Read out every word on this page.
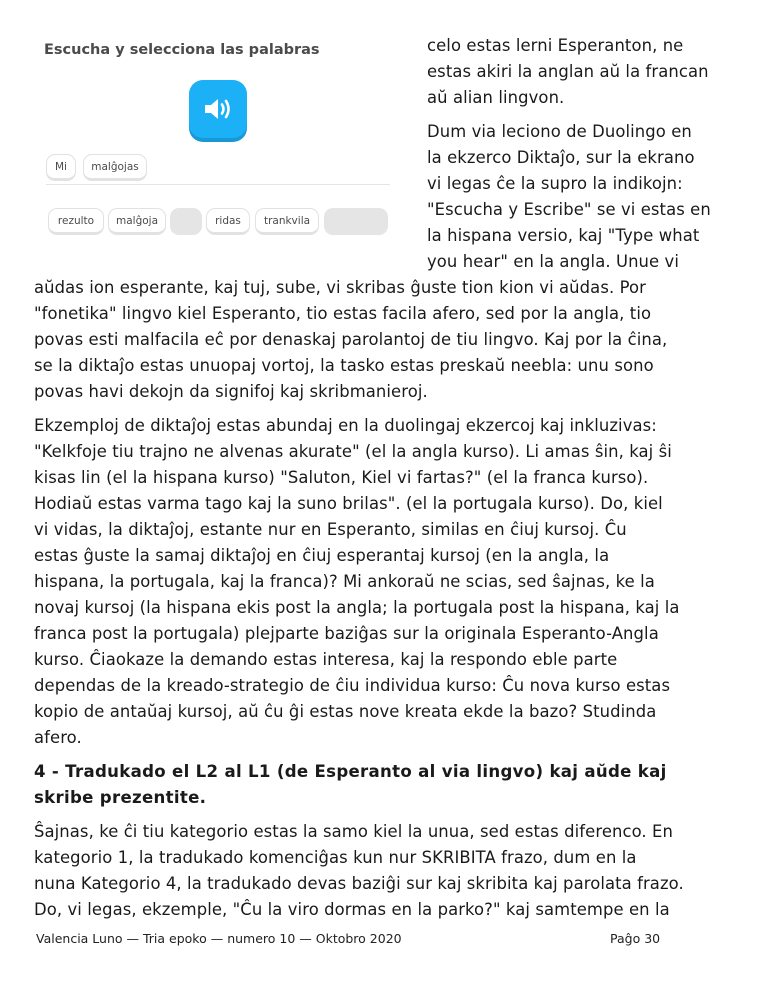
Escucha y selecciona las palabras
Mi	malĝojas
rezulto	malĝoja	ridas	trankvila
celo estas lerni Esperanton, ne
estas akiri la anglan aŭ la francan
aŭ alian lingvon.
Dum via leciono de Duolingo en
la ekzerco Diktaĵo, sur la ekrano
vi legas ĉe la supro la indikojn:
"Escucha y Escribe" se vi estas en
la hispana versio, kaj "Type what
you hear" en la angla. Unue vi
aŭdas ion esperante, kaj tuj, sube, vi skribas ĝuste tion kion vi aŭdas. Por
"fonetika" lingvo kiel Esperanto, tio estas facila afero, sed por la angla, tio
povas esti malfacila eĉ por denaskaj parolantoj de tiu lingvo. Kaj por la ĉina,
se la diktaĵo estas unuopaj vortoj, la tasko estas preskaŭ neebla: unu sono
povas havi dekojn da signifoj kaj skribmanieroj.
Ekzemploj de diktaĵoj estas abundaj en la duolingaj ekzercoj kaj inkluzivas:
"Kelkfoje tiu trajno ne alvenas akurate" (el la angla kurso). Li amas ŝin, kaj ŝi
kisas lin (el la hispana kurso) "Saluton, Kiel vi fartas?" (el la franca kurso).
Hodiaŭ estas varma tago kaj la suno brilas". (el la portugala kurso). Do, kiel
vi vidas, la diktaĵoj, estante nur en Esperanto, similas en ĉiuj kursoj. Ĉu
estas ĝuste la samaj diktaĵoj en ĉiuj esperantaj kursoj (en la angla, la
hispana, la portugala, kaj la franca)? Mi ankoraŭ ne scias, sed ŝajnas, ke la
novaj kursoj (la hispana ekis post la angla; la portugala post la hispana, kaj la
franca post la portugala) plejparte baziĝas sur la originala Esperanto-Angla
kurso. Ĉiaokaze la demando estas interesa, kaj la respondo eble parte
dependas de la kreado-strategio de ĉiu individua kurso: Ĉu nova kurso estas
kopio de antaŭaj kursoj, aŭ ĉu ĝi estas nove kreata ekde la bazo? Studinda
afero.
4 - Tradukado el L2 al L1 (de Esperanto al via lingvo) kaj aŭde kaj
skribe prezentite.
Ŝajnas, ke ĉi tiu kategorio estas la samo kiel la unua, sed estas diferenco. En
kategorio 1, la tradukado komenciĝas kun nur SKRIBITA frazo, dum en la
nuna Kategorio 4, la tradukado devas baziĝi sur kaj skribita kaj parolata frazo.
Do, vi legas, ekzemple, "Ĉu la viro dormas en la parko?" kaj samtempe en la
Valencia Luno — Tria epoko — numero 10 — Oktobro 2020	Paĝo 30
